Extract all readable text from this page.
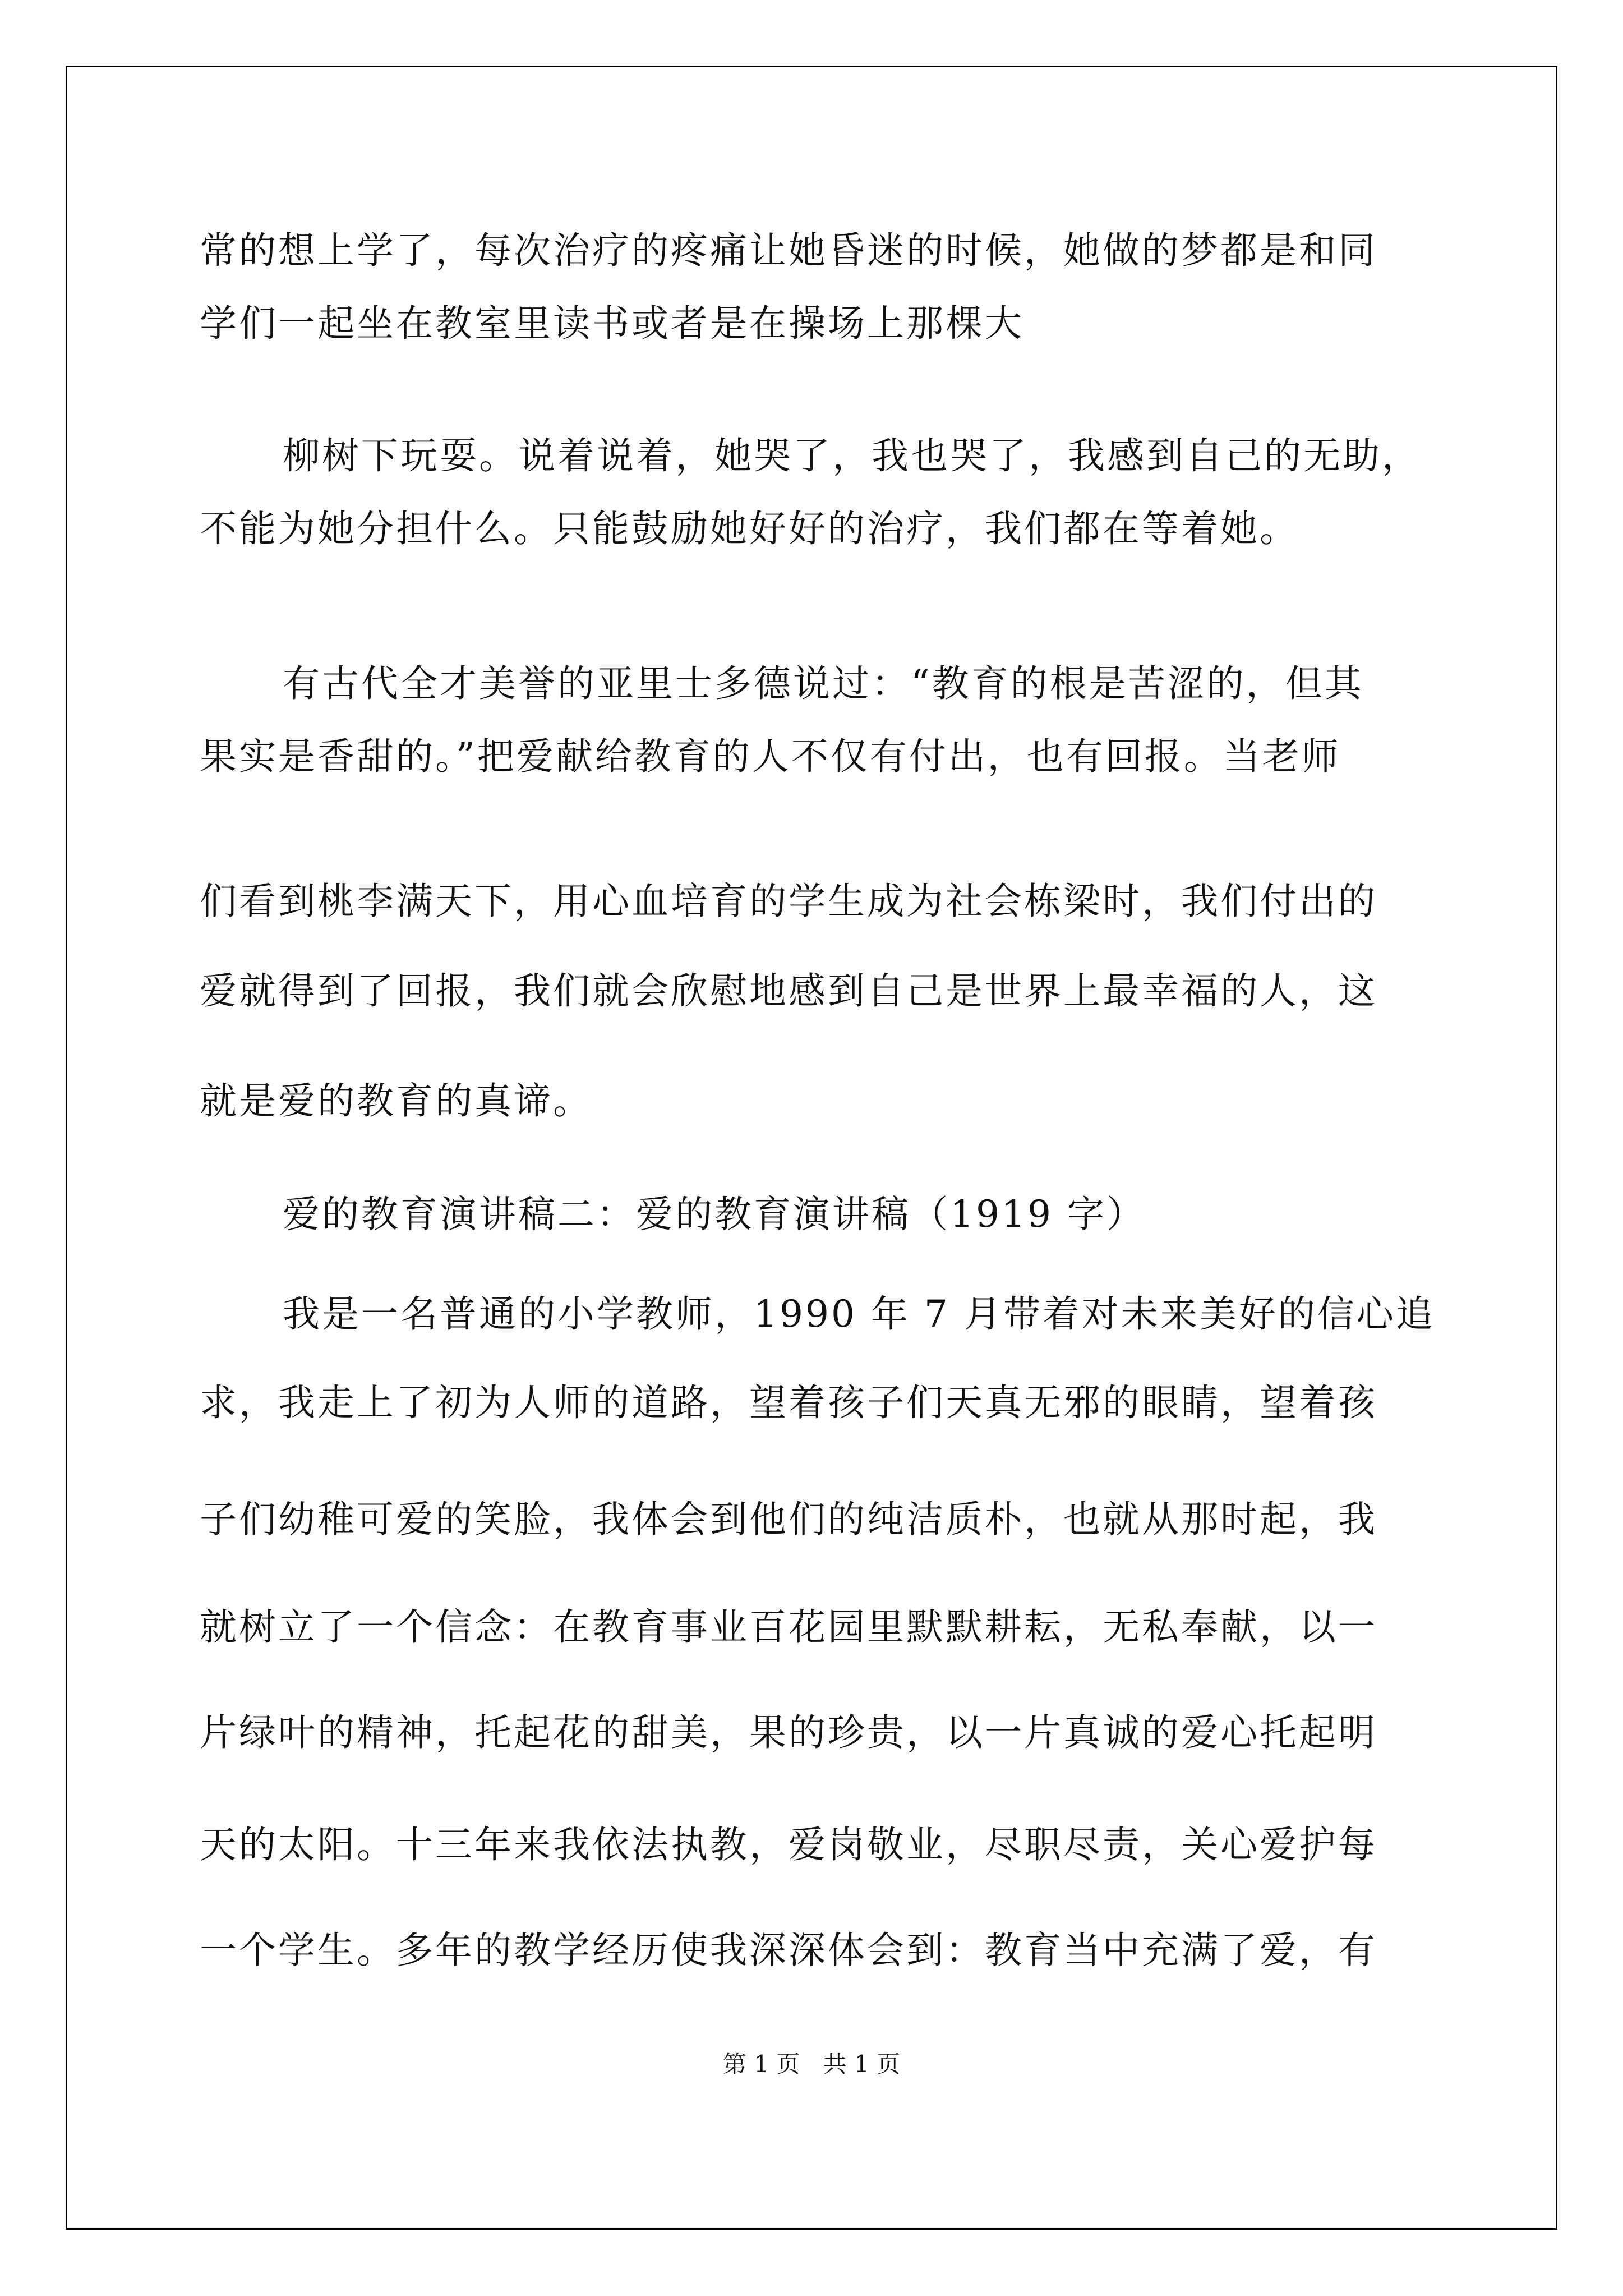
常的想上学了，每次治疗的疼痛让她昏迷的时候，她做的梦都是和同
学们一起坐在教室里读书或者是在操场上那棵大
柳树下玩耍。说着说着，她哭了，我也哭了，我感到自己的无助，
不能为她分担什么。只能鼓励她好好的治疗，我们都在等着她。
有古代全才美誉的亚里士多德说过：“教育的根是苦涩的，但其
果实是香甜的。”把爱献给教育的人不仅有付出，也有回报。当老师
们看到桃李满天下，用心血培育的学生成为社会栋梁时，我们付出的
爱就得到了回报，我们就会欣慰地感到自己是世界上最幸福的人，这
就是爱的教育的真谛。
爱的教育演讲稿二：爱的教育演讲稿（1919 字）
我是一名普通的小学教师，1990 年 7 月带着对未来美好的信心追
求，我走上了初为人师的道路，望着孩子们天真无邪的眼睛，望着孩
子们幼稚可爱的笑脸，我体会到他们的纯洁质朴，也就从那时起，我
就树立了一个信念：在教育事业百花园里默默耕耘，无私奉献，以一
片绿叶的精神，托起花的甜美，果的珍贵，以一片真诚的爱心托起明
天的太阳。十三年来我依法执教，爱岗敬业，尽职尽责，关心爱护每
一个学生。多年的教学经历使我深深体会到：教育当中充满了爱，有
第 1 页 共 1 页
